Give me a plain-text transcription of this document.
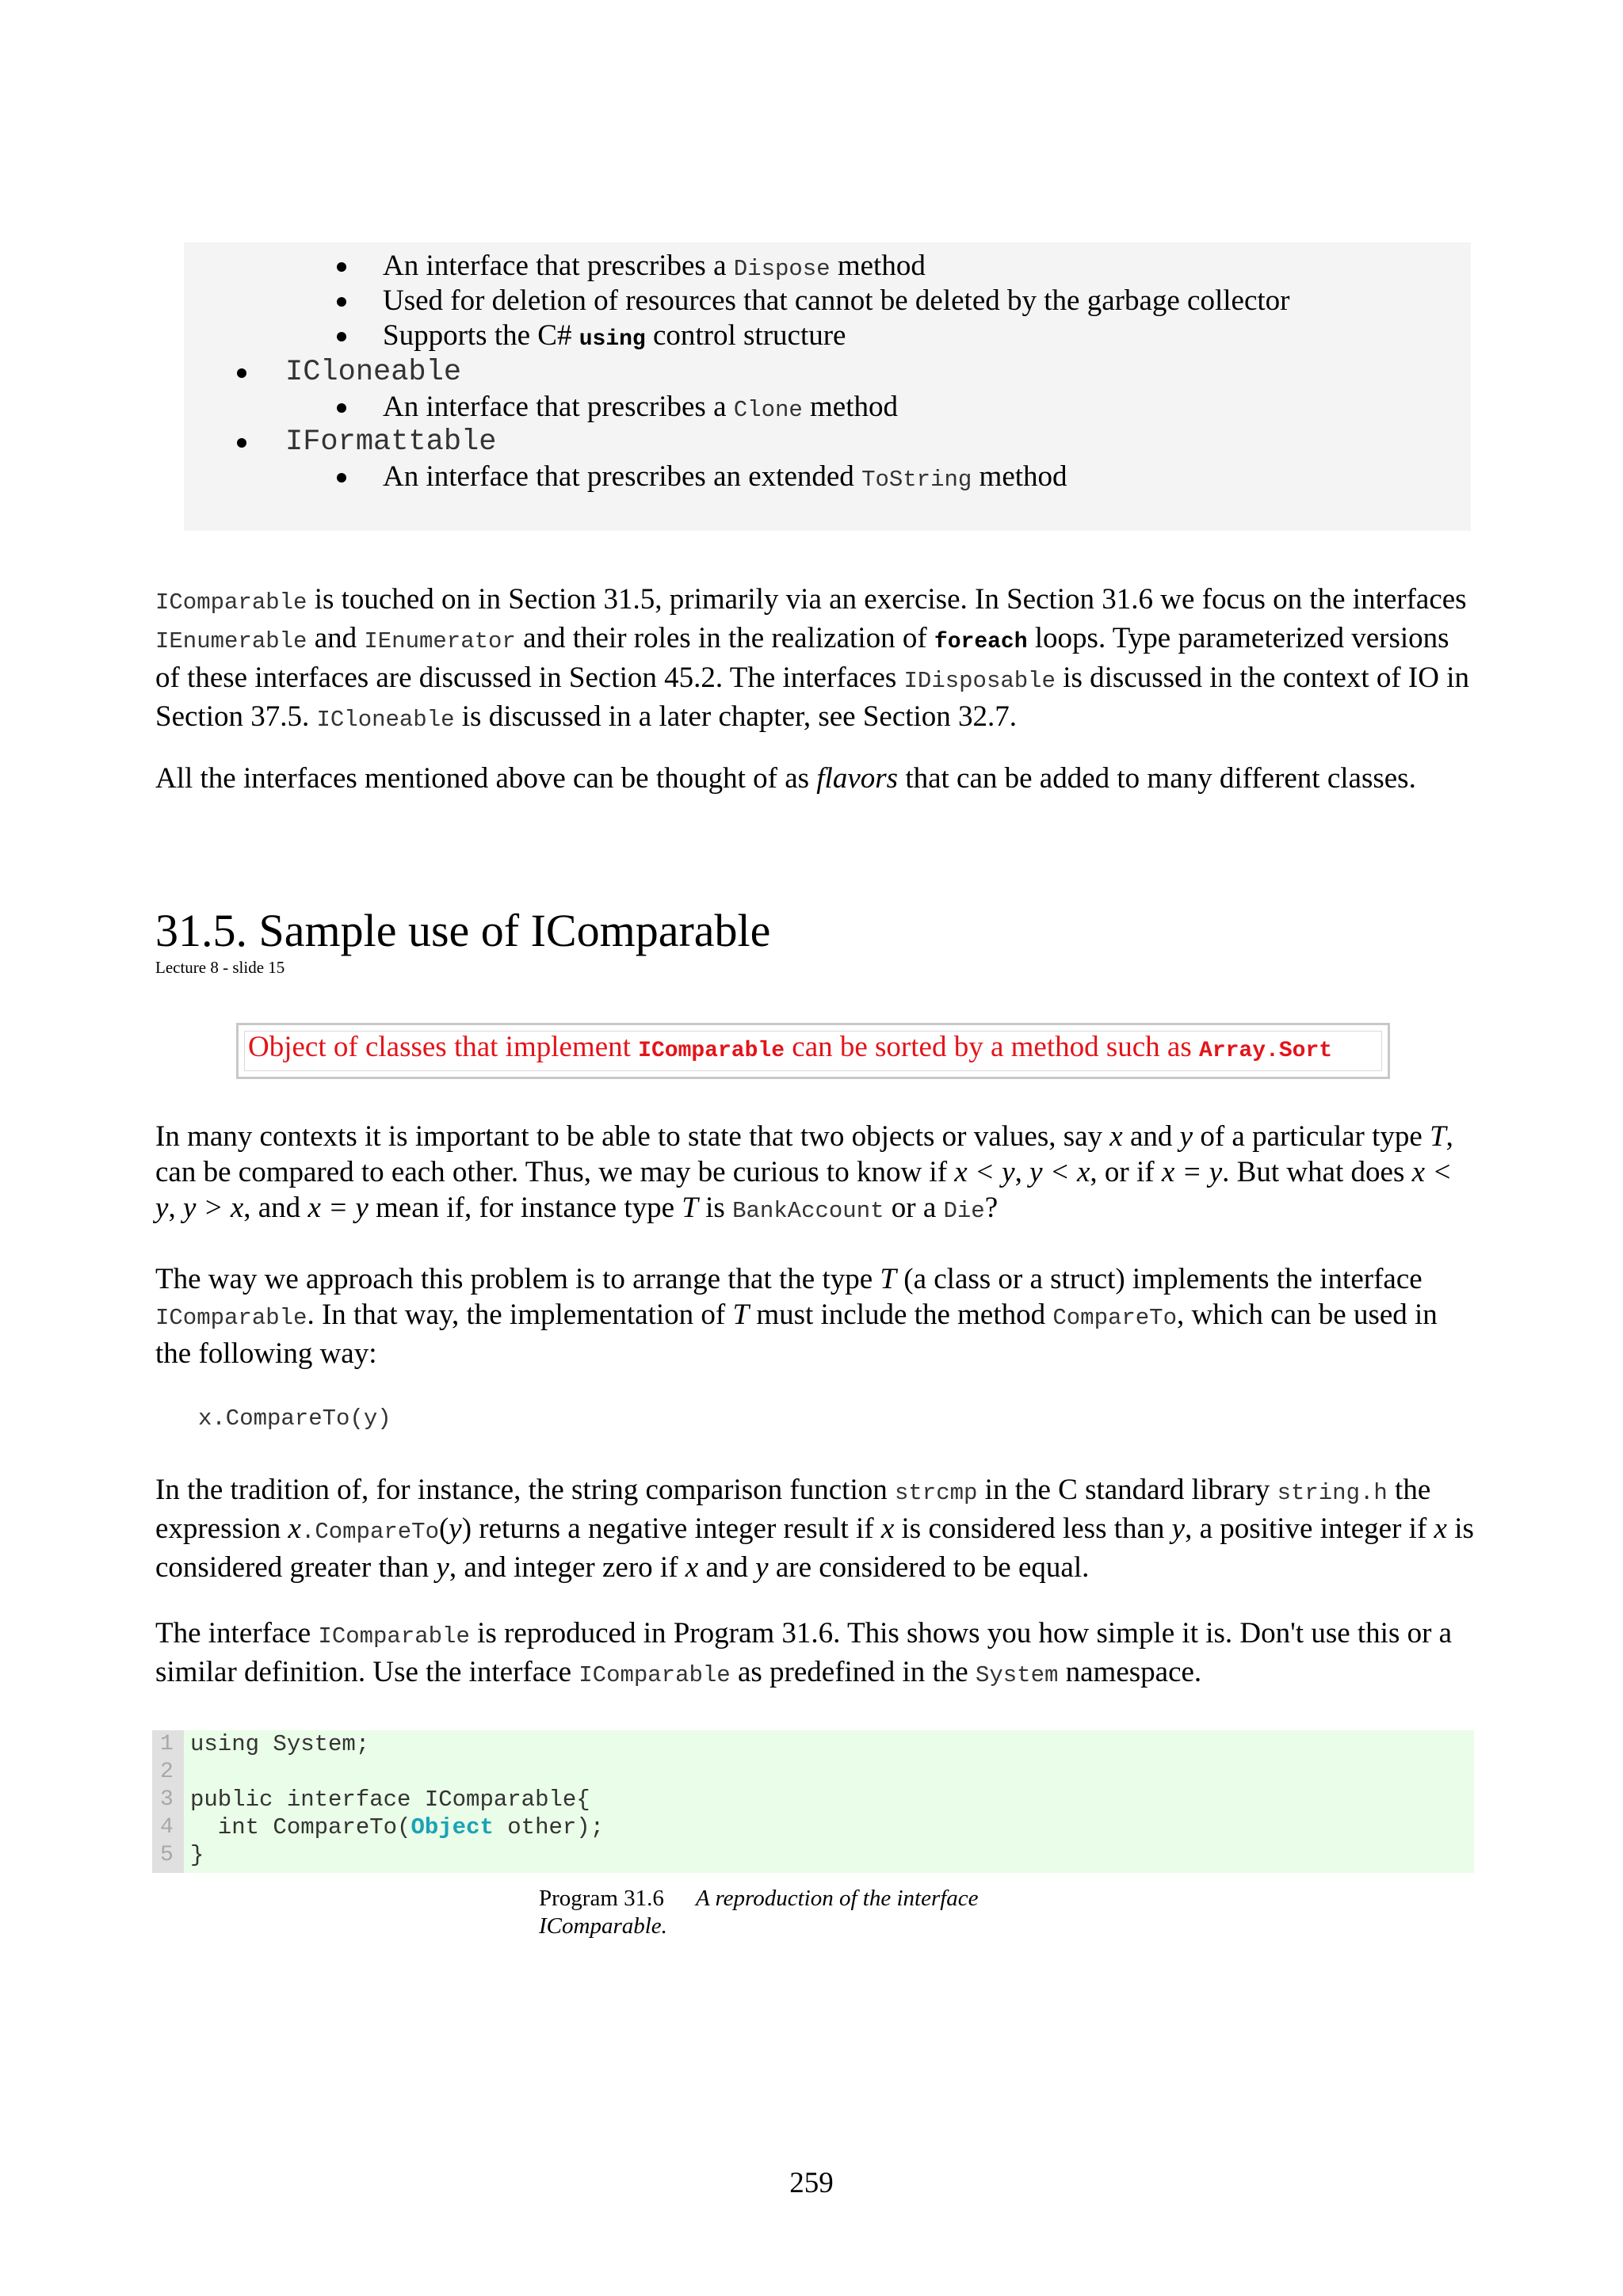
An interface that prescribes a Dispose method
Used for deletion of resources that cannot be deleted by the garbage collector
Supports the C# using control structure
ICloneable
An interface that prescribes a Clone method
IFormattable
An interface that prescribes an extended ToString method
IComparable is touched on in Section 31.5, primarily via an exercise. In Section 31.6 we focus on the interfaces IEnumerable and IEnumerator and their roles in the realization of foreach loops. Type parameterized versions of these interfaces are discussed in Section 45.2. The interfaces IDisposable is discussed in the context of IO in Section 37.5. ICloneable is discussed in a later chapter, see Section 32.7.
All the interfaces mentioned above can be thought of as flavors that can be added to many different classes.
31.5. Sample use of IComparable
Lecture 8 - slide 15
Object of classes that implement IComparable can be sorted by a method such as Array.Sort
In many contexts it is important to be able to state that two objects or values, say x and y of a particular type T, can be compared to each other. Thus, we may be curious to know if x < y, y < x, or if x = y. But what does x < y, y > x, and x = y mean if, for instance type T is BankAccount or a Die?
The way we approach this problem is to arrange that the type T (a class or a struct) implements the interface IComparable. In that way, the implementation of T must include the method CompareTo, which can be used in the following way:
x.CompareTo(y)
In the tradition of, for instance, the string comparison function strcmp in the C standard library string.h the expression x.CompareTo(y) returns a negative integer result if x is considered less than y, a positive integer if x is considered greater than y, and integer zero if x and y are considered to be equal.
The interface IComparable is reproduced in Program 31.6. This shows you how simple it is. Don't use this or a similar definition. Use the interface IComparable as predefined in the System namespace.
1
2
3
4
5
using System;
public interface IComparable{
int CompareTo(Object other);
}
Program 31.6	A reproduction of the interface IComparable.
259
